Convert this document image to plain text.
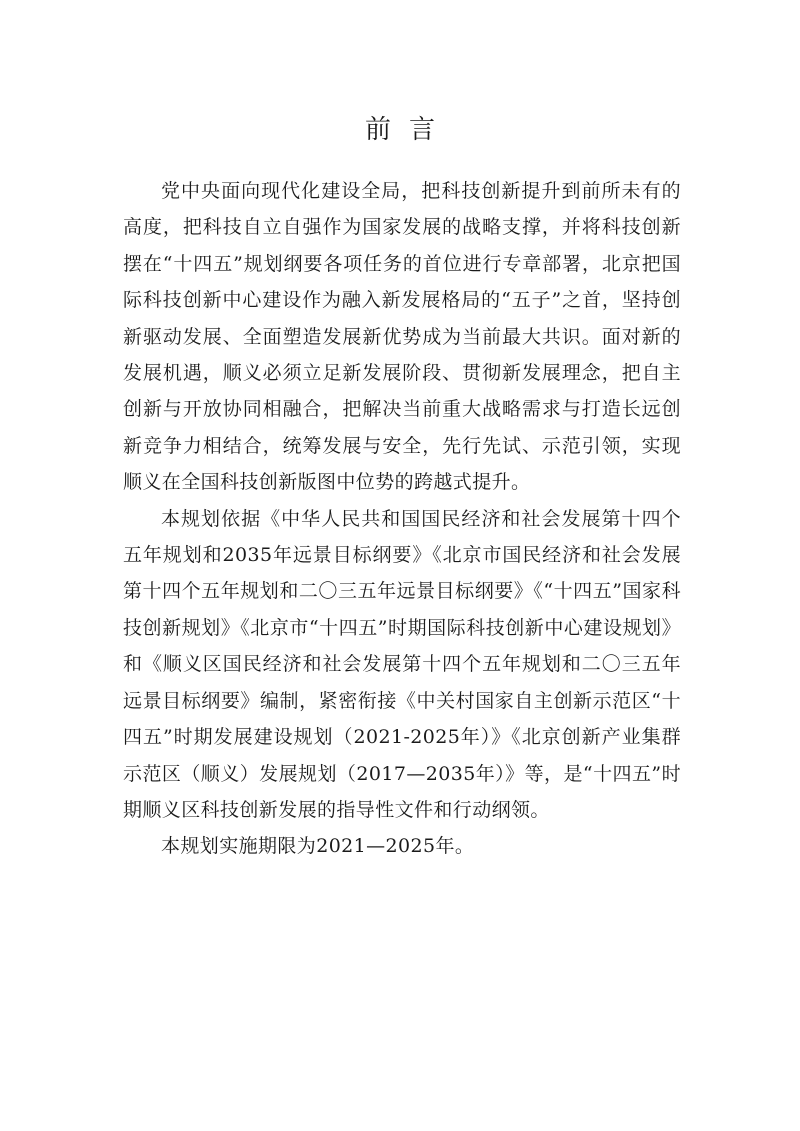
前言

党中央面向现代化建设全局，把科技创新提升到前所未有的高度，把科技自立自强作为国家发展的战略支撑，并将科技创新摆在“十四五”规划纲要各项任务的首位进行专章部署，北京把国际科技创新中心建设作为融入新发展格局的“五子”之首，坚持创新驱动发展、全面塑造发展新优势成为当前最大共识。面对新的发展机遇，顺义必须立足新发展阶段、贯彻新发展理念，把自主创新与开放协同相融合，把解决当前重大战略需求与打造长远创新竞争力相结合，统筹发展与安全，先行先试、示范引领，实现顺义在全国科技创新版图中位势的跨越式提升。

本规划依据《中华人民共和国国民经济和社会发展第十四个五年规划和2035年远景目标纲要》《北京市国民经济和社会发展第十四个五年规划和二〇三五年远景目标纲要》《“十四五”国家科技创新规划》《北京市“十四五”时期国际科技创新中心建设规划》和《顺义区国民经济和社会发展第十四个五年规划和二〇三五年远景目标纲要》编制，紧密衔接《中关村国家自主创新示范区“十四五”时期发展建设规划（2021-2025年）》《北京创新产业集群示范区（顺义）发展规划（2017—2035年）》等，是“十四五”时期顺义区科技创新发展的指导性文件和行动纲领。

本规划实施期限为2021—2025年。
